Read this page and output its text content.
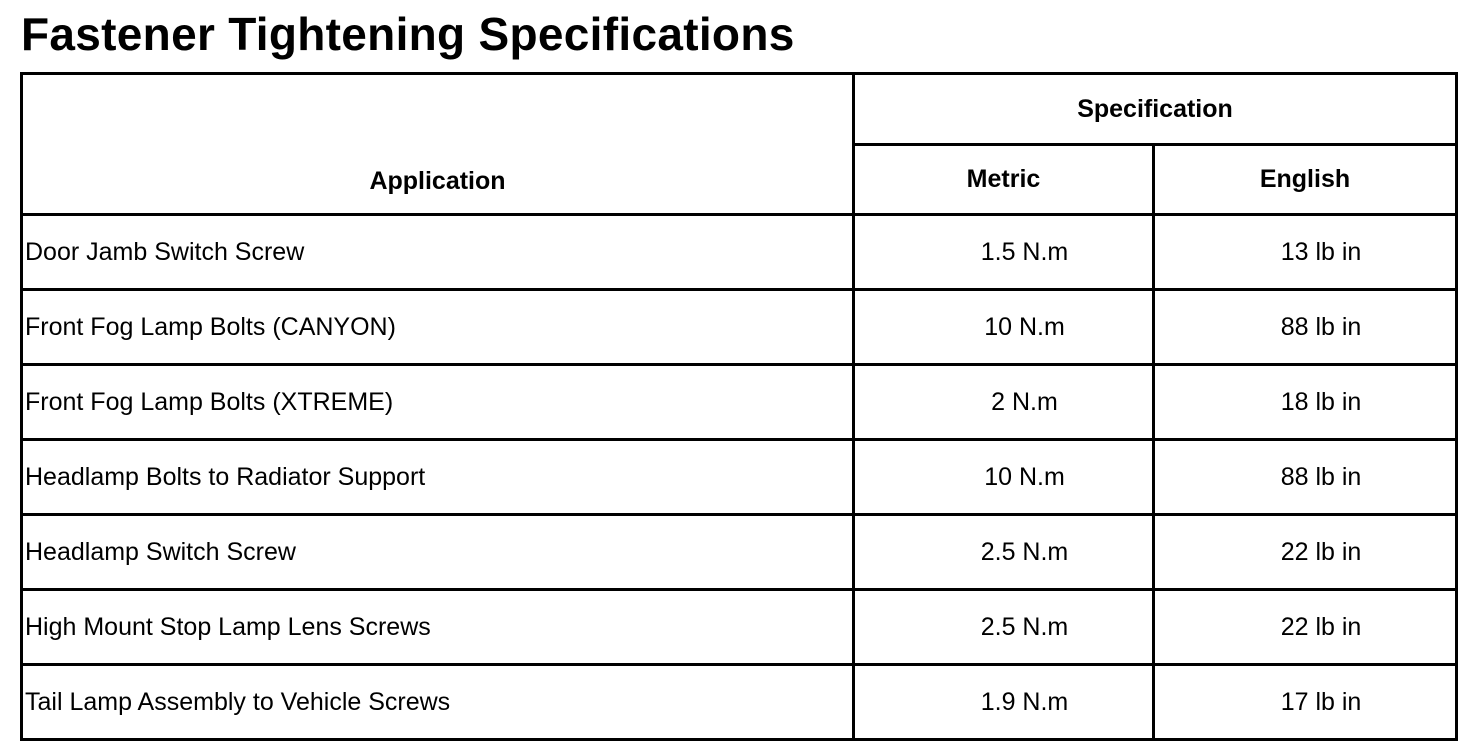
Fastener Tightening Specifications
Application	Specification	
	Metric	English
Door Jamb Switch Screw	1.5 N.m	13 lb in
Front Fog Lamp Bolts (CANYON)	10 N.m	88 lb in
Front Fog Lamp Bolts (XTREME)	2 N.m	18 lb in
Headlamp Bolts to Radiator Support	10 N.m	88 lb in
Headlamp Switch Screw	2.5 N.m	22 lb in
High Mount Stop Lamp Lens Screws	2.5 N.m	22 lb in
Tail Lamp Assembly to Vehicle Screws	1.9 N.m	17 lb in
